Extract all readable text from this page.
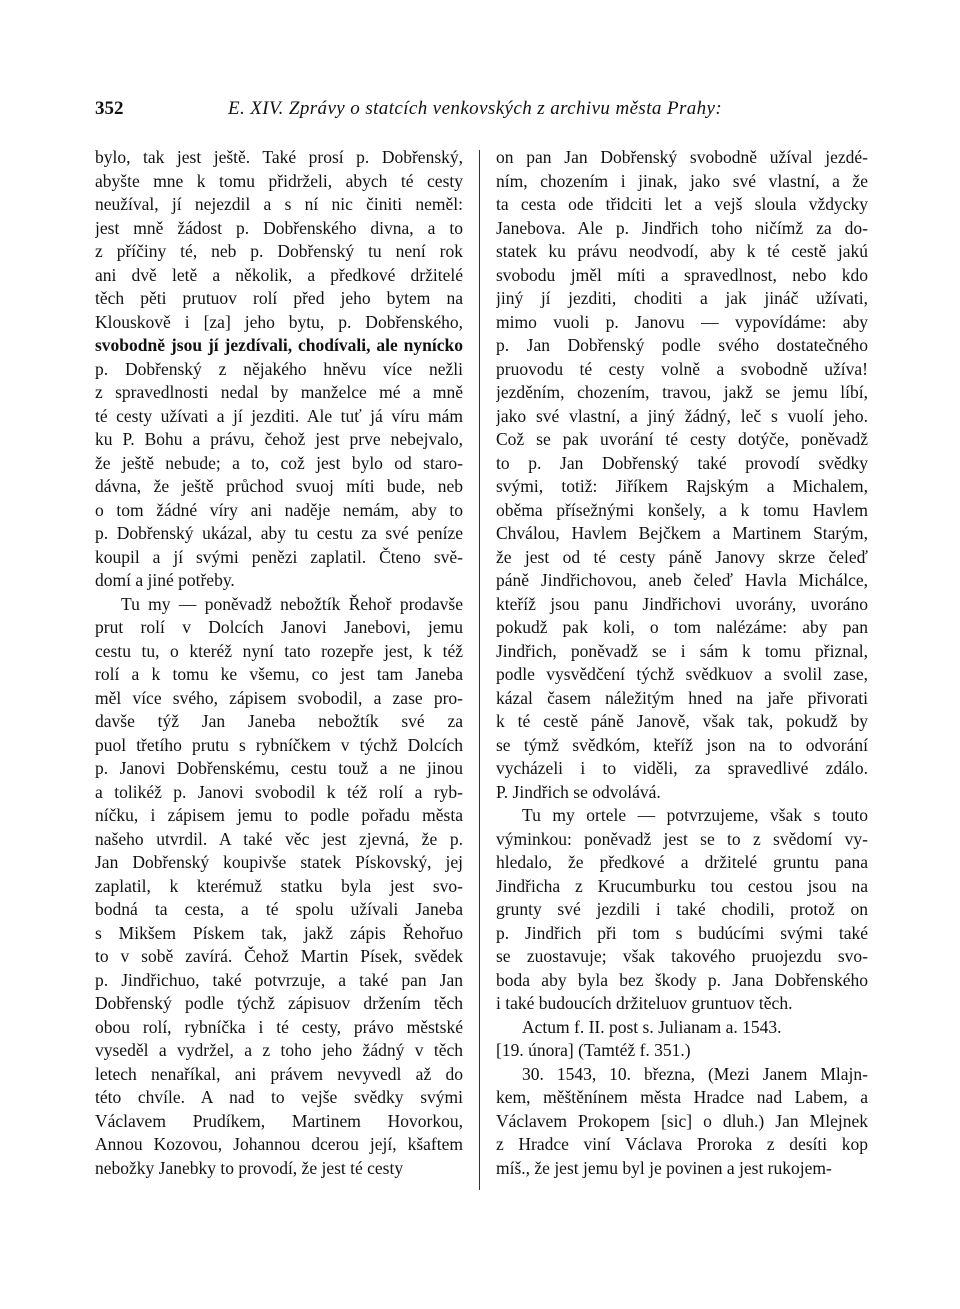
352	E. XIV. Zprávy o statcích venkovských z archivu města Prahy:
bylo, tak jest ještě. Také prosí p. Dobřenský,
abyšte mne k tomu přidrželi, abych té cesty
neužíval, jí nejezdil a s ní nic činiti neměl:
jest mně žádost p. Dobřenského divna, a to
z příčiny té, neb p. Dobřenský tu není rok
ani dvě letě a několik, a předkové držitelé
těch pěti prutuov rolí před jeho bytem na
Klouskově i [za] jeho bytu, p. Dobřenského,
svobodně jsou jí jezdívali, chodívali, ale nynícko
p. Dobřenský z nějakého hněvu více nežli
z spravedlnosti nedal by manželce mé a mně
té cesty užívati a jí jezditi. Ale tuť já víru mám
ku P. Bohu a právu, čehož jest prve nebejvalo,
že ještě nebude; a to, což jest bylo od staro-
dávna, že ještě průchod svuoj míti bude, neb
o tom žádné víry ani naděje nemám, aby to
p. Dobřenský ukázal, aby tu cestu za své peníze
koupil a jí svými penězi zaplatil. Čteno svě-
domí a jiné potřeby.
Tu my — poněvadž nebožtík Řehoř prodavše
prut rolí v Dolcích Janovi Janebovi, jemu
cestu tu, o kteréž nyní tato rozepře jest, k též
rolí a k tomu ke všemu, co jest tam Janeba
měl více svého, zápisem svobodil, a zase pro-
davše týž Jan Janeba nebožtík své za
puol třetího prutu s rybníčkem v týchž Dolcích
p. Janovi Dobřenskému, cestu touž a ne jinou
a tolikéž p. Janovi svobodil k též rolí a ryb-
níčku, i zápisem jemu to podle pořadu města
našeho utvrdil. A také věc jest zjevná, že p.
Jan Dobřenský koupivše statek Pískovský, jej
zaplatil, k kterémuž statku byla jest svo-
bodná ta cesta, a té spolu užívali Janeba
s Mikšem Pískem tak, jakž zápis Řehořuo
to v sobě zavírá. Čehož Martin Písek, svědek
p. Jindřichuo, také potvrzuje, a také pan Jan
Dobřenský podle týchž zápisuov držením těch
obou rolí, rybníčka i té cesty, právo městské
vyseděl a vydržel, a z toho jeho žádný v těch
letech nenaříkal, ani právem nevyvedl až do
této chvíle. A nad to vejše svědky svými
Václavem Prudíkem, Martinem Hovorkou,
Annou Kozovou, Johannou dcerou její, kšaftem
nebožky Janebky to provodí, že jest té cesty
on pan Jan Dobřenský svobodně užíval jezdé-
ním, chozením i jinak, jako své vlastní, a že
ta cesta ode třidciti let a vejš sloula vždycky
Janebova. Ale p. Jindřich toho ničímž za do-
statek ku právu neodvodí, aby k té cestě jakú
svobodu jměl míti a spravedlnost, nebo kdo
jiný jí jezditi, choditi a jak jináč užívati,
mimo vuoli p. Janovu — vypovídáme: aby
p. Jan Dobřenský podle svého dostatečného
pruovodu té cesty volně a svobodně užíva!
jezděním, chozením, travou, jakž se jemu líbí,
jako své vlastní, a jiný žádný, leč s vuolí jeho.
Což se pak uvorání té cesty dotýče, poněvadž
to p. Jan Dobřenský také provodí svědky
svými, totiž: Jiříkem Rajským a Michalem,
oběma přísežnými konšely, a k tomu Havlem
Chválou, Havlem Bejčkem a Martinem Starým,
že jest od té cesty páně Janovy skrze čeleď
páně Jindřichovou, aneb čeleď Havla Michálce,
kteříž jsou panu Jindřichovi uvorány, uvoráno
pokudž pak koli, o tom nalézáme: aby pan
Jindřich, poněvadž se i sám k tomu přiznal,
podle vysvědčení týchž svědkuov a svolil zase,
kázal časem náležitým hned na jaře přivorati
k té cestě páně Janově, však tak, pokudž by
se týmž svědkóm, kteříž json na to odvorání
vycházeli i to viděli, za spravedlivé zdálo.
P. Jindřich se odvolává.
Tu my ortele — potvrzujeme, však s touto
výminkou: poněvadž jest se to z svědomí vy-
hledalo, že předkové a držitelé gruntu pana
Jindřicha z Krucumburku tou cestou jsou na
grunty své jezdili i také chodili, protož on
p. Jindřich při tom s budúcími svými také
se zuostavuje; však takového pruojezdu svo-
boda aby byla bez škody p. Jana Dobřenského
i také budoucích držiteluov gruntuov těch.
Actum f. II. post s. Julianam a. 1543.
[19. února] (Tamtéž f. 351.)
30. 1543, 10. března, (Mezi Janem Mlajn-
kem, měštěnínem města Hradce nad Labem, a
Václavem Prokopem [sic] o dluh.) Jan Mlejnek
z Hradce viní Václava Proroka z desíti kop
míš., že jest jemu byl je povinen a jest rukojem-
